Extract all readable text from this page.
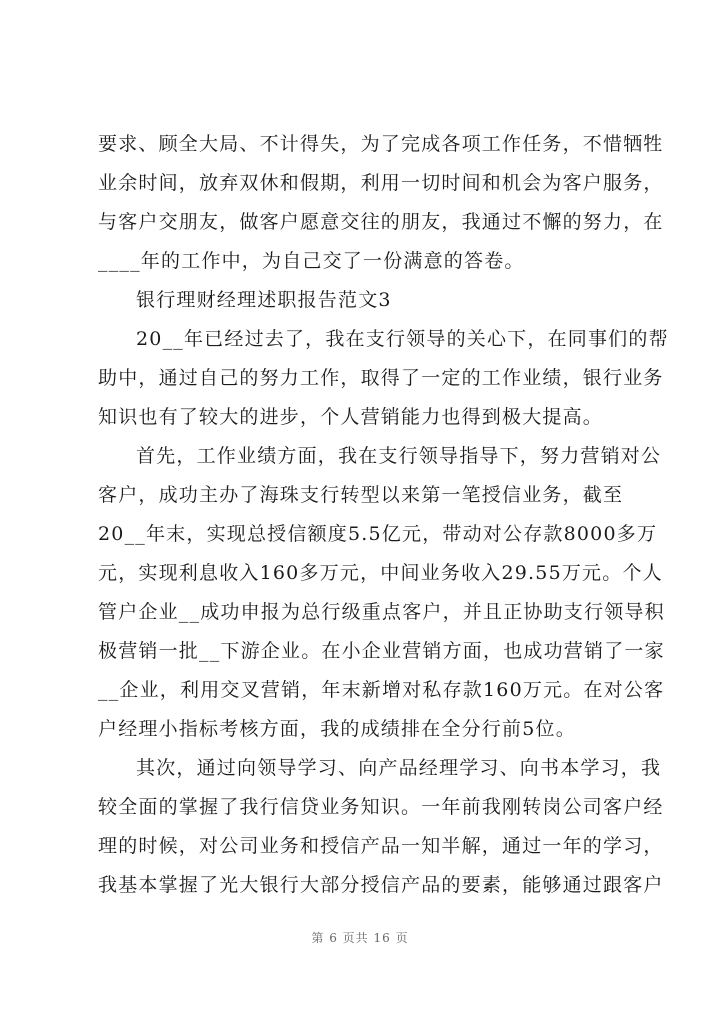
要求、顾全大局、不计得失，为了完成各项工作任务，不惜牺牲
业余时间，放弃双休和假期，利用一切时间和机会为客户服务，
与客户交朋友，做客户愿意交往的朋友，我通过不懈的努力，在
____年的工作中，为自己交了一份满意的答卷。
银行理财经理述职报告范文3
20__年已经过去了，我在支行领导的关心下，在同事们的帮
助中，通过自己的努力工作，取得了一定的工作业绩，银行业务
知识也有了较大的进步，个人营销能力也得到极大提高。
首先，工作业绩方面，我在支行领导指导下，努力营销对公
客户，成功主办了海珠支行转型以来第一笔授信业务，截至
20__年末，实现总授信额度5.5亿元，带动对公存款8000多万
元，实现利息收入160多万元，中间业务收入29.55万元。个人
管户企业__成功申报为总行级重点客户，并且正协助支行领导积
极营销一批__下游企业。在小企业营销方面，也成功营销了一家
__企业，利用交叉营销，年末新增对私存款160万元。在对公客
户经理小指标考核方面，我的成绩排在全分行前5位。
其次，通过向领导学习、向产品经理学习、向书本学习，我
较全面的掌握了我行信贷业务知识。一年前我刚转岗公司客户经
理的时候，对公司业务和授信产品一知半解，通过一年的学习，
我基本掌握了光大银行大部分授信产品的要素，能够通过跟客户
第 6 页共 16 页
